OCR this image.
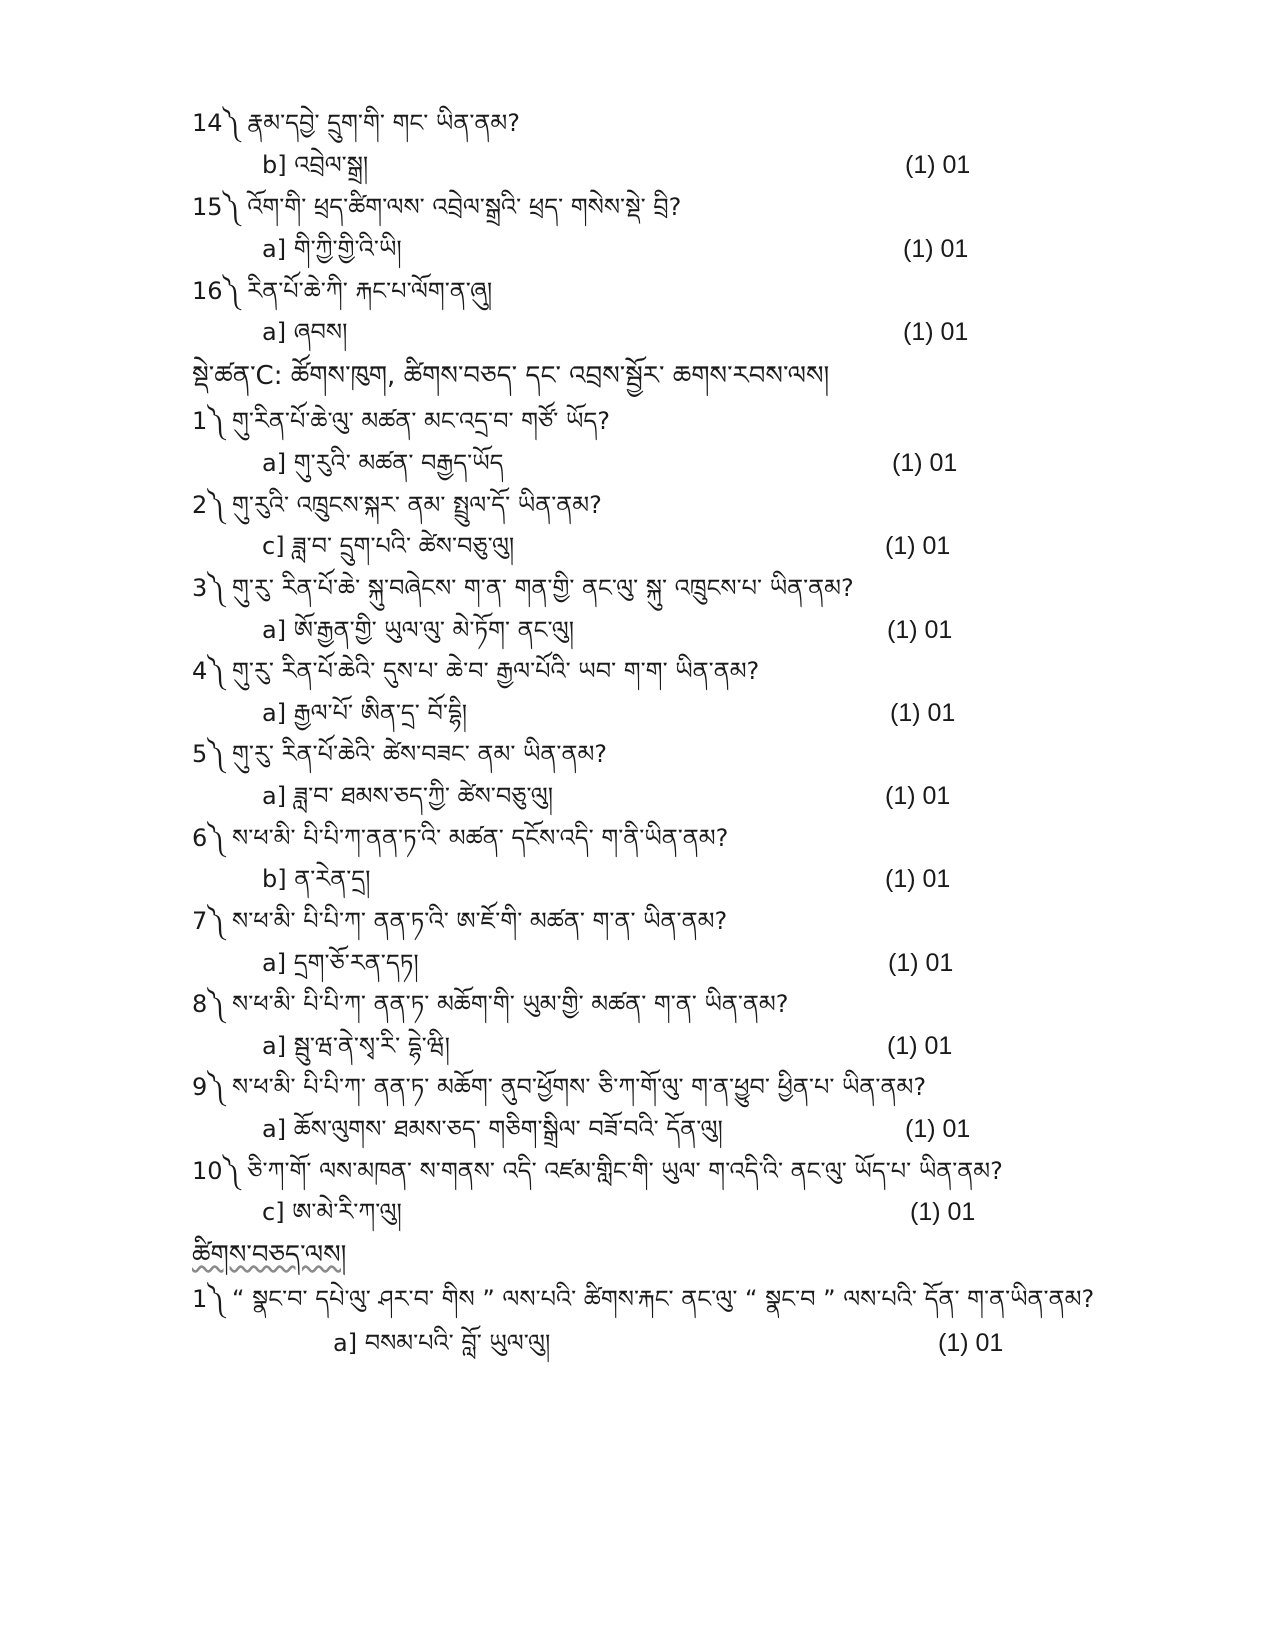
14༽ རྣམ་དབྱེ་ དྲུག་གི་ གང་ ཡིན་ནམ?
b] འབྲེལ་སྒྲ།	(1) 01
15༽ འོག་གི་ ཕྲད་ཚིག་ལས་ འབྲེལ་སྒྲའི་ ཕྲད་ གསེས་སྡེ་ བྲི?
a] གི་ཀྱི་གྱི་འི་ཡི།	(1) 01
16༽ རིན་པོ་ཆེ་ཀི་ རྐང་པ་ལོག་ན་ཞུ།
a] ཞབས།	(1) 01
སྡེ་ཚན་C: ཚོགས་ཁུག, ཚིགས་བཅད་ དང་ འབྲས་སྦྱོར་ ཆགས་རབས་ལས།
1༽ གུ་རིན་པོ་ཆེ་ལུ་ མཚན་ མང་འདྲ་བ་ གཙོ་ ཡོད?
a] གུ་རུའི་ མཚན་ བརྒྱད་ཡོད	(1) 01
2༽ གུ་རུའི་ འཁྲུངས་སྐར་ ནམ་ སྤྲུལ་དོ་ ཡིན་ནམ?
c] ཟླ་བ་ དྲུག་པའི་ ཚེས་བཅུ་ལུ།	(1) 01
3༽ གུ་རུ་ རིན་པོ་ཆེ་ སྐུ་བཞེངས་ ག་ན་ གན་གྱི་ ནང་ལུ་ སྐུ་ འཁྲུངས་པ་ ཡིན་ནམ?
a] ཨོ་རྒྱན་གྱི་ ཡུལ་ལུ་ མེ་ཏོག་ ནང་ལུ།	(1) 01
4༽ གུ་རུ་ རིན་པོ་ཆེའི་ དུས་པ་ ཆེ་བ་ རྒྱལ་པོའི་ ཡབ་ ག་ག་ ཡིན་ནམ?
a] རྒྱལ་པོ་ ཨིན་དྲ་ བོ་དྷི།	(1) 01
5༽ གུ་རུ་ རིན་པོ་ཆེའི་ ཚེས་བཟང་ ནམ་ ཡིན་ནམ?
a] ཟླ་བ་ ཐམས་ཅད་ཀྱི་ ཚེས་བཅུ་ལུ།	(1) 01
6༽ ས་ཕ་མི་ པི་པི་ཀ་ནན་ཏ་འི་ མཚན་ དངོས་འདི་ ག་ནི་ཡིན་ནམ?
b] ན་རེན་དྲ།	(1) 01
7༽ ས་ཕ་མི་ པི་པི་ཀ་ ནན་ཏ་འི་ ཨ་ཇོ་གི་ མཚན་ ག་ན་ ཡིན་ནམ?
a] དྲག་ཅོ་རན་དཏ།	(1) 01
8༽ ས་ཕ་མི་ པི་པི་ཀ་ ནན་ཏ་ མཆོག་གི་ ཡུམ་གྱི་ མཚན་ ག་ན་ ཡིན་ནམ?
a] སྦུ་ཝ་ནེ་སྭ་རི་ དྷེ་ཝི།	(1) 01
9༽ ས་ཕ་མི་ པི་པི་ཀ་ ནན་ཏ་ མཆོག་ ནུབ་ཕྱོགས་ ཅི་ཀ་གོ་ལུ་ ག་ན་ཕྱུབ་ ཕྱིན་པ་ ཡིན་ནམ?
a] ཆོས་ལུགས་ ཐམས་ཅད་ གཅིག་སྒྲིལ་ བཟོ་བའི་ དོན་ལུ།	(1) 01
10༽ ཅི་ཀ་གོ་ ལས་མཁན་ ས་གནས་ འདི་ འཛམ་གླིང་གི་ ཡུལ་ ག་འདི་འི་ ནང་ལུ་ ཡོད་པ་ ཡིན་ནམ?
c] ཨ་མེ་རི་ཀ་ལུ།	(1) 01
ཚིགས་བཅད་ལས།
1༽ “ སྣང་བ་ དཔེ་ལུ་ ཤར་བ་ གིས ” ལས་པའི་ ཚིགས་རྐང་ ནང་ལུ་ “ སྣང་བ ” ལས་པའི་ དོན་ ག་ན་ཡིན་ནམ?
a] བསམ་པའི་ བློ་ ཡུལ་ལུ།	(1) 01
